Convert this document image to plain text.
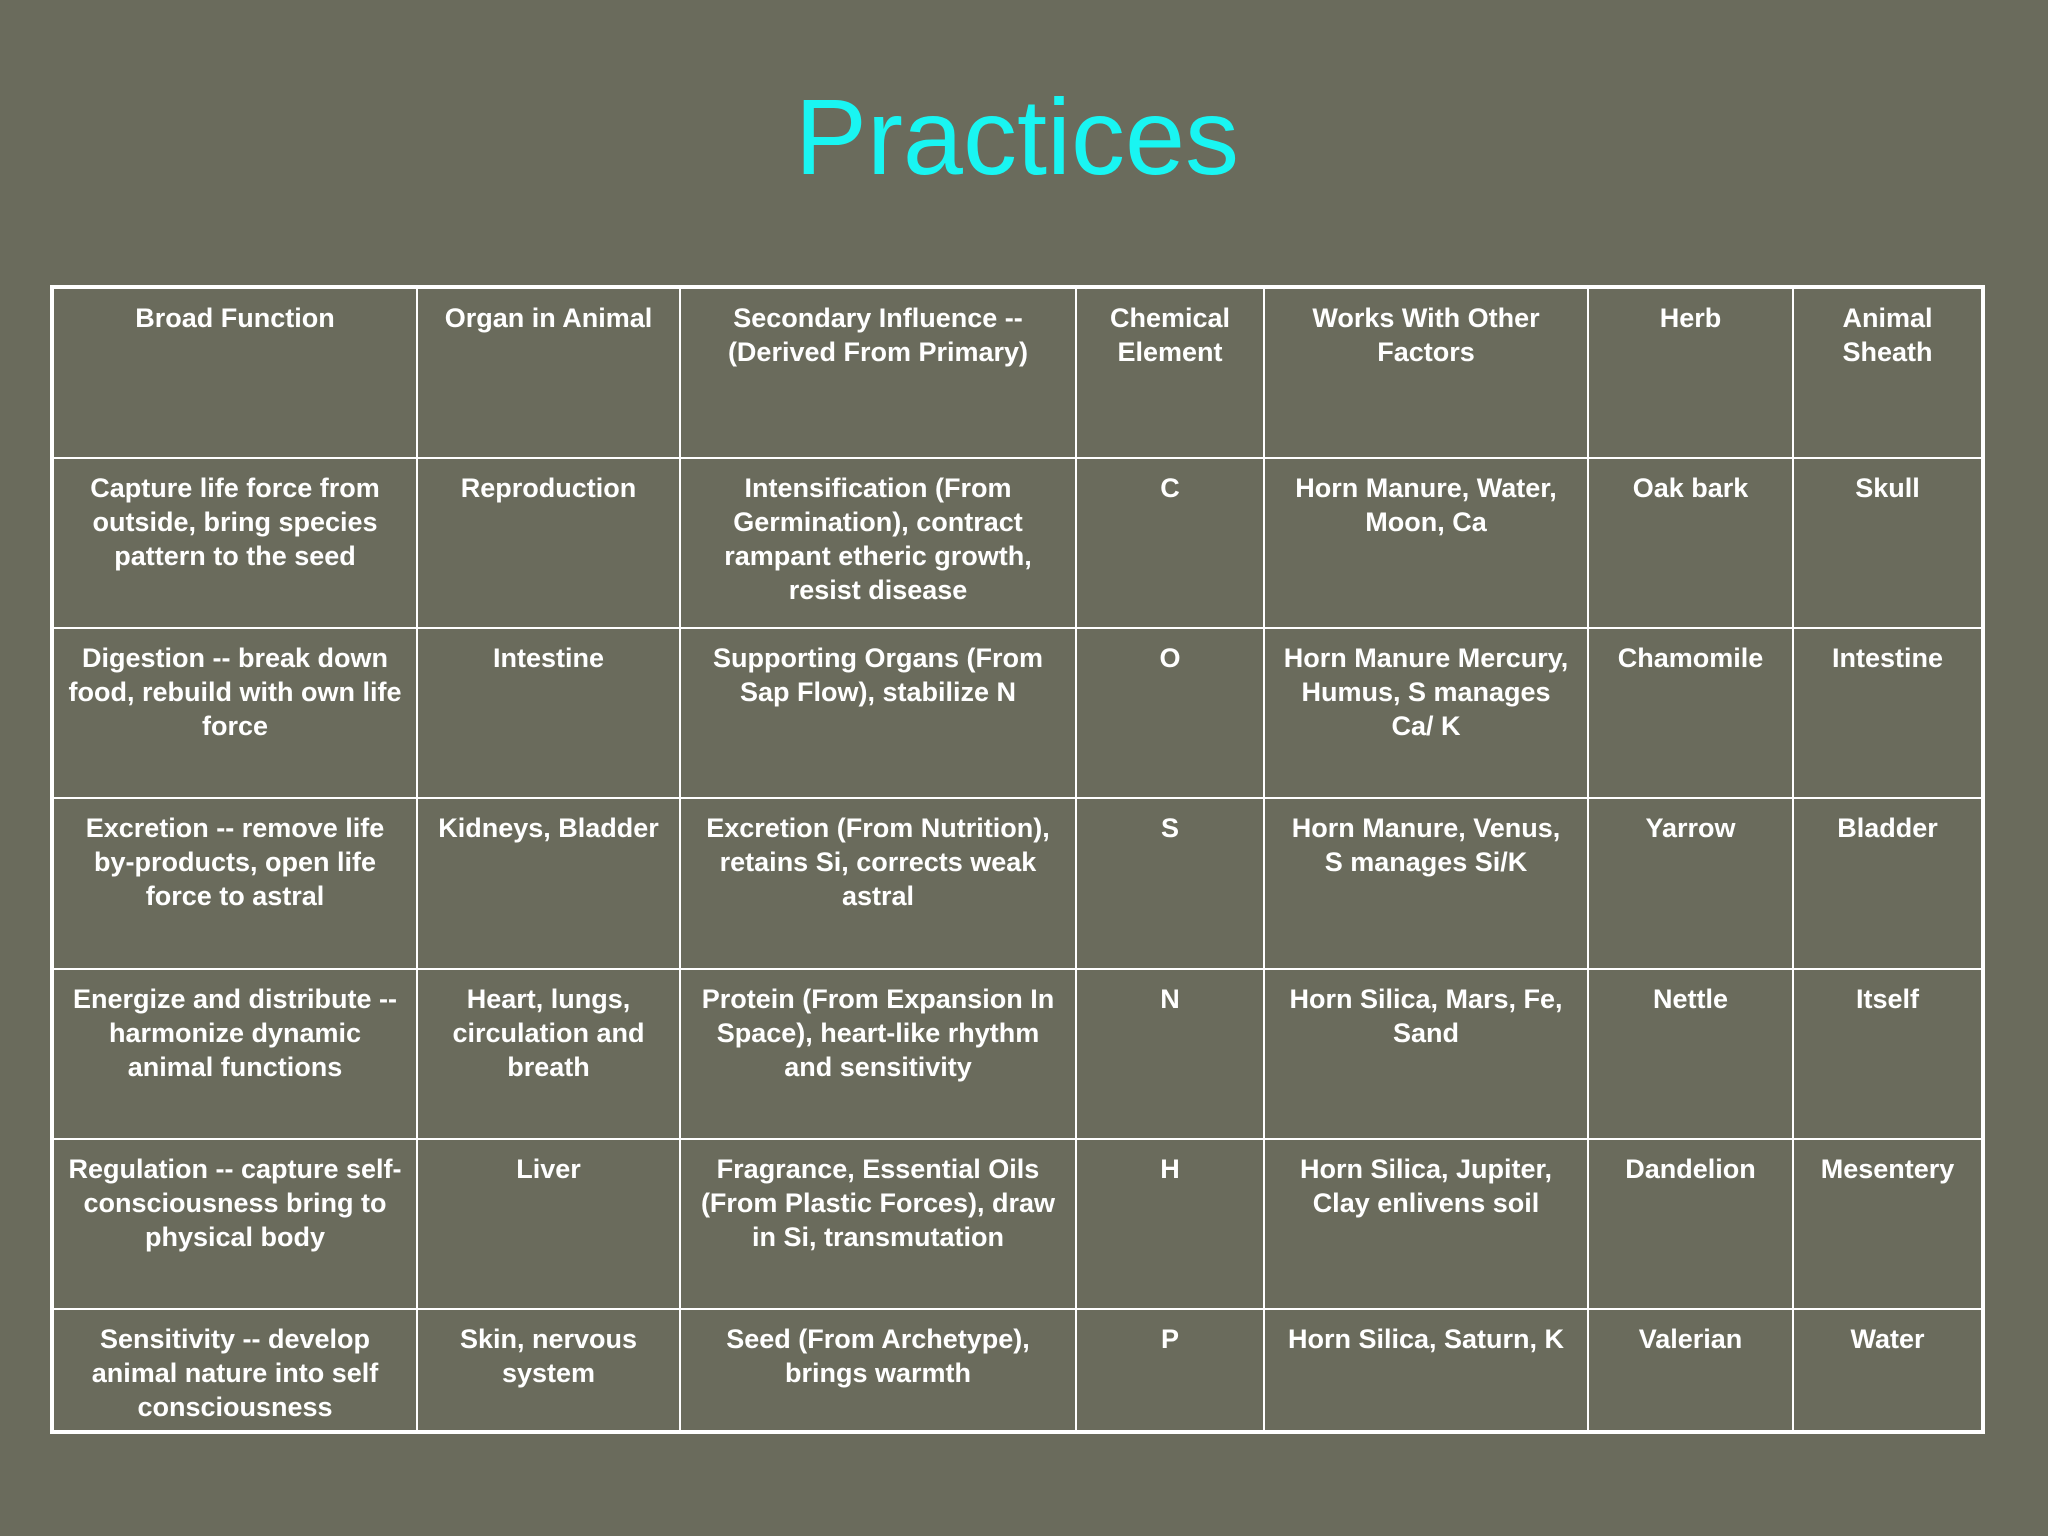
Practices
Broad Function	Organ in Animal	Secondary Influence -- (Derived From Primary)	Chemical Element	Works With Other Factors	Herb	Animal Sheath
Capture life force from outside, bring species pattern to the seed	Reproduction	Intensification (From Germination), contract rampant etheric growth, resist disease	C	Horn Manure, Water, Moon, Ca	Oak bark	Skull
Digestion -- break down food, rebuild with own life force	Intestine	Supporting Organs (From Sap Flow), stabilize N	O	Horn Manure Mercury, Humus, S manages Ca/ K	Chamomile	Intestine
Excretion -- remove life by-products, open life force to astral	Kidneys, Bladder	Excretion (From Nutrition), retains Si, corrects weak astral	S	Horn Manure, Venus, S manages Si/K	Yarrow	Bladder
Energize and distribute -- harmonize dynamic animal functions	Heart, lungs, circulation and breath	Protein (From Expansion In Space), heart-like rhythm and sensitivity	N	Horn Silica, Mars, Fe, Sand	Nettle	Itself
Regulation -- capture self-consciousness bring to physical body	Liver	Fragrance, Essential Oils (From Plastic Forces), draw in Si, transmutation	H	Horn Silica, Jupiter, Clay enlivens soil	Dandelion	Mesentery
Sensitivity -- develop animal nature into self consciousness	Skin, nervous system	Seed (From Archetype), brings warmth	P	Horn Silica, Saturn, K	Valerian	Water
